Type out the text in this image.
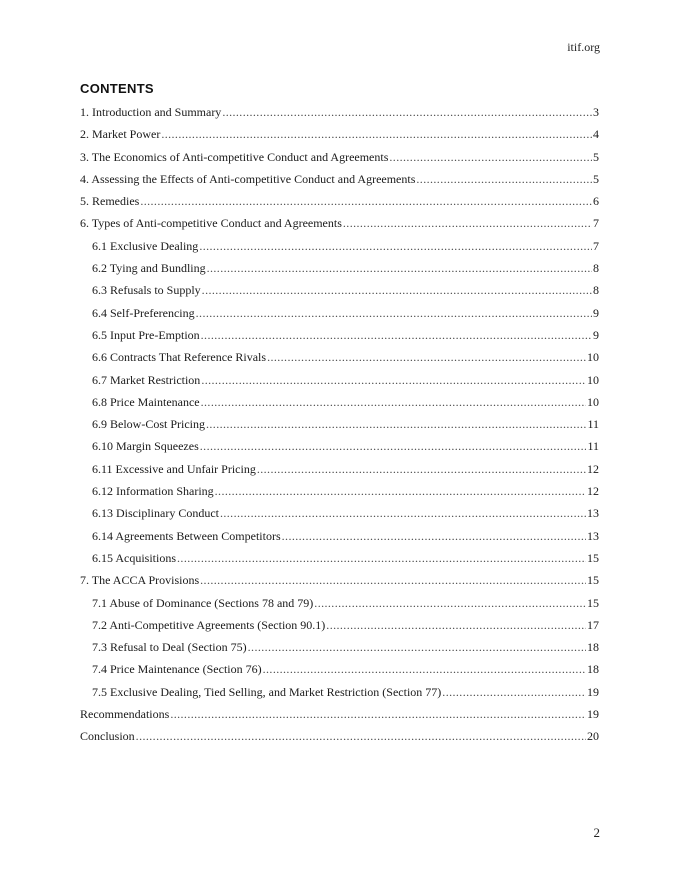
itif.org
CONTENTS
1. Introduction and Summary .....	3
2. Market Power .....	4
3. The Economics of Anti-competitive Conduct and Agreements .....	5
4. Assessing the Effects of Anti-competitive Conduct and Agreements .....	5
5. Remedies .....	6
6. Types of Anti-competitive Conduct and Agreements .....	7
6.1 Exclusive Dealing .....	7
6.2 Tying and Bundling .....	8
6.3 Refusals to Supply .....	8
6.4 Self-Preferencing .....	9
6.5 Input Pre-Emption .....	9
6.6 Contracts That Reference Rivals .....	10
6.7 Market Restriction .....	10
6.8 Price Maintenance .....	10
6.9 Below-Cost Pricing .....	11
6.10 Margin Squeezes .....	11
6.11 Excessive and Unfair Pricing .....	12
6.12 Information Sharing .....	12
6.13 Disciplinary Conduct .....	13
6.14 Agreements Between Competitors .....	13
6.15 Acquisitions .....	15
7. The ACCA Provisions .....	15
7.1 Abuse of Dominance (Sections 78 and 79) .....	15
7.2 Anti-Competitive Agreements (Section 90.1) .....	17
7.3 Refusal to Deal (Section 75) .....	18
7.4 Price Maintenance (Section 76) .....	18
7.5 Exclusive Dealing, Tied Selling, and Market Restriction (Section 77) .....	19
Recommendations .....	19
Conclusion .....	20
2
